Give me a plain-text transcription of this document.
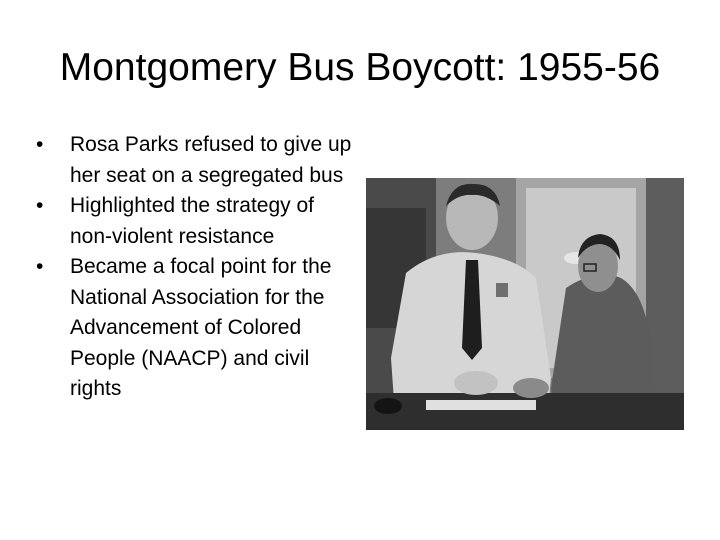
Montgomery Bus Boycott: 1955-56
• Rosa Parks refused to give up her seat on a segregated bus
• Highlighted the strategy of non-violent resistance
• Became a focal point for the National Association for the Advancement of Colored People (NAACP) and civil rights
